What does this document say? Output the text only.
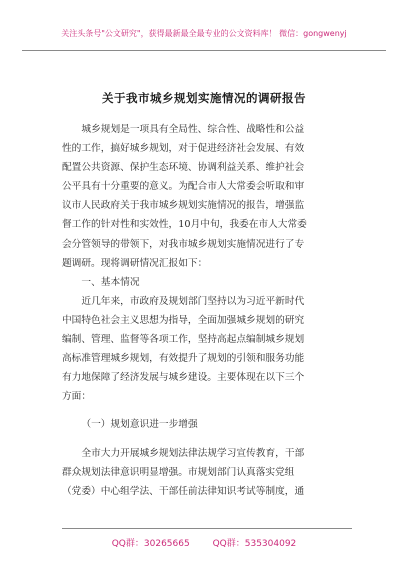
关注头条号"公文研究"，获得最新最全最专业的公文资料库！ 微信：gongwenyj
关于我市城乡规划实施情况的调研报告
城乡规划是一项具有全局性、综合性、战略性和公益
性的工作，搞好城乡规划，对于促进经济社会发展、有效
配置公共资源、保护生态环境、协调利益关系、维护社会
公平具有十分重要的意义。为配合市人大常委会听取和审
议市人民政府关于我市城乡规划实施情况的报告，增强监
督工作的针对性和实效性，10月中旬，我委在市人大常委
会分管领导的带领下，对我市城乡规划实施情况进行了专
题调研。现将调研情况汇报如下：
一、基本情况
近几年来，市政府及规划部门坚持以为习近平新时代
中国特色社会主义思想为指导，全面加强城乡规划的研究
编制、管理、监督等各项工作，坚持高起点编制城乡规划
高标准管理城乡规划，有效提升了规划的引领和服务功能
有力地保障了经济发展与城乡建设。主要体现在以下三个
方面：
（一）规划意识进一步增强
全市大力开展城乡规划法律法规学习宣传教育，干部
群众规划法律意识明显增强。市规划部门认真落实党组
（党委）中心组学法、干部任前法律知识考试等制度，通
QQ群：30265665	QQ群：535304092
